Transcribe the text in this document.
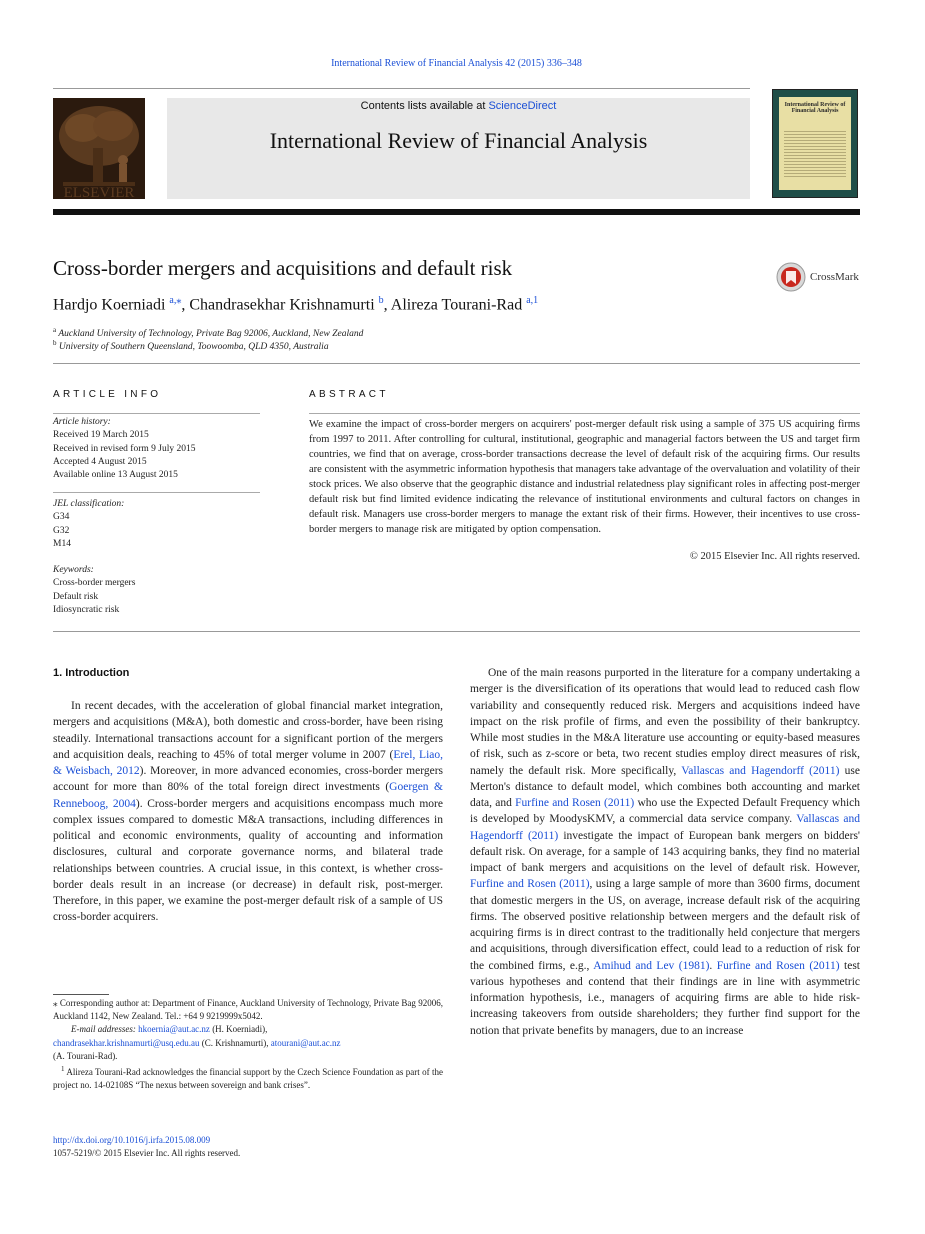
International Review of Financial Analysis 42 (2015) 336–348
ELSEVIER
Contents lists available at ScienceDirect
International Review of Financial Analysis
International Review of Financial Analysis
Cross-border mergers and acquisitions and default risk	CrossMark
Hardjo Koerniadi $^{a,⁎}$, Chandrasekhar Krishnamurti $^b$, Alireza Tourani-Rad $^{a,1}$
$^a$ Auckland University of Technology, Private Bag 92006, Auckland, New Zealand
$^b$ University of Southern Queensland, Toowoomba, QLD 4350, Australia
ARTICLE INFO	ABSTRACT
Article history:
Received 19 March 2015
Received in revised form 9 July 2015
Accepted 4 August 2015
Available online 13 August 2015
JEL classification:
G34
G32
M14
Keywords:
Cross-border mergers
Default risk
Idiosyncratic risk
We examine the impact of cross-border mergers on acquirers' post-merger default risk using a sample of 375 US acquiring firms from 1997 to 2011. After controlling for cultural, institutional, geographic and managerial factors between the US and target firm countries, we find that on average, cross-border transactions decrease the level of default risk of the acquiring firms. Our results are consistent with the asymmetric information hypothesis that managers take advantage of the overvaluation and volatility of their stock prices. We also observe that the geographic distance and industrial relatedness play significant roles in affecting post-merger default risk but find limited evidence indicating the relevance of institutional environments and cultural factors on changes in default risk. Managers use cross-border mergers to manage the extant risk of their firms. However, their incentives to use cross-border mergers to manage risk are mitigated by option compensation.
© 2015 Elsevier Inc. All rights reserved.
1. Introduction
In recent decades, with the acceleration of global financial market integration, mergers and acquisitions (M&A), both domestic and cross-border, have been rising steadily. International transactions account for a significant portion of the mergers and acquisition deals, reaching to 45% of total merger volume in 2007 (Erel, Liao, & Weisbach, 2012). Moreover, in more advanced economies, cross-border mergers account for more than 80% of the total foreign direct investments (Goergen & Renneboog, 2004). Cross-border mergers and acquisitions encompass much more complex issues compared to domestic M&A transactions, including differences in political and economic environments, quality of accounting and information disclosures, cultural and corporate governance norms, and bilateral trade relationships between countries. A crucial issue, in this context, is whether cross-border deals result in an increase (or decrease) in default risk, post-merger. Therefore, in this paper, we examine the post-merger default risk of a sample of US cross-border acquirers.
One of the main reasons purported in the literature for a company undertaking a merger is the diversification of its operations that would lead to reduced cash flow variability and consequently reduced risk. Mergers and acquisitions indeed have impact on the risk profile of firms, and even the possibility of their bankruptcy. While most studies in the M&A literature use accounting or equity-based measures of risk, such as z-score or beta, two recent studies employ direct measures of risk, namely the default risk. More specifically, Vallascas and Hagendorff (2011) use Merton's distance to default model, which combines both accounting and market data, and Furfine and Rosen (2011) who use the Expected Default Frequency which is developed by MoodysKMV, a commercial data service company. Vallascas and Hagendorff (2011) investigate the impact of European bank mergers on bidders' default risk. On average, for a sample of 143 acquiring banks, they find no material impact of bank mergers and acquisitions on the level of default risk. However, Furfine and Rosen (2011), using a large sample of more than 3600 firms, document that domestic mergers in the US, on average, increase default risk of the acquiring firms. The observed positive relationship between mergers and the default risk of acquiring firms is in direct contrast to the traditionally held conjecture that mergers and acquisitions, through diversification effect, could lead to a reduction of risk for the combined firms, e.g., Amihud and Lev (1981). Furfine and Rosen (2011) test various hypotheses and contend that their findings are in line with asymmetric information hypothesis, i.e., managers of acquiring firms are able to hide risk-increasing takeovers from outside shareholders; they further find support for the notion that private benefits by managers, due to an increase
⁎ Corresponding author at: Department of Finance, Auckland University of Technology, Private Bag 92006, Auckland 1142, New Zealand. Tel.: +64 9 9219999x5042.
E-mail addresses: hkoernia@aut.ac.nz (H. Koerniadi),
chandrasekhar.krishnamurti@usq.edu.au (C. Krishnamurti), atourani@aut.ac.nz
(A. Tourani-Rad).
$^1$ Alireza Tourani-Rad acknowledges the financial support by the Czech Science Foundation as part of the project no. 14-02108S “The nexus between sovereign and bank crises”.
http://dx.doi.org/10.1016/j.irfa.2015.08.009
1057-5219/© 2015 Elsevier Inc. All rights reserved.
